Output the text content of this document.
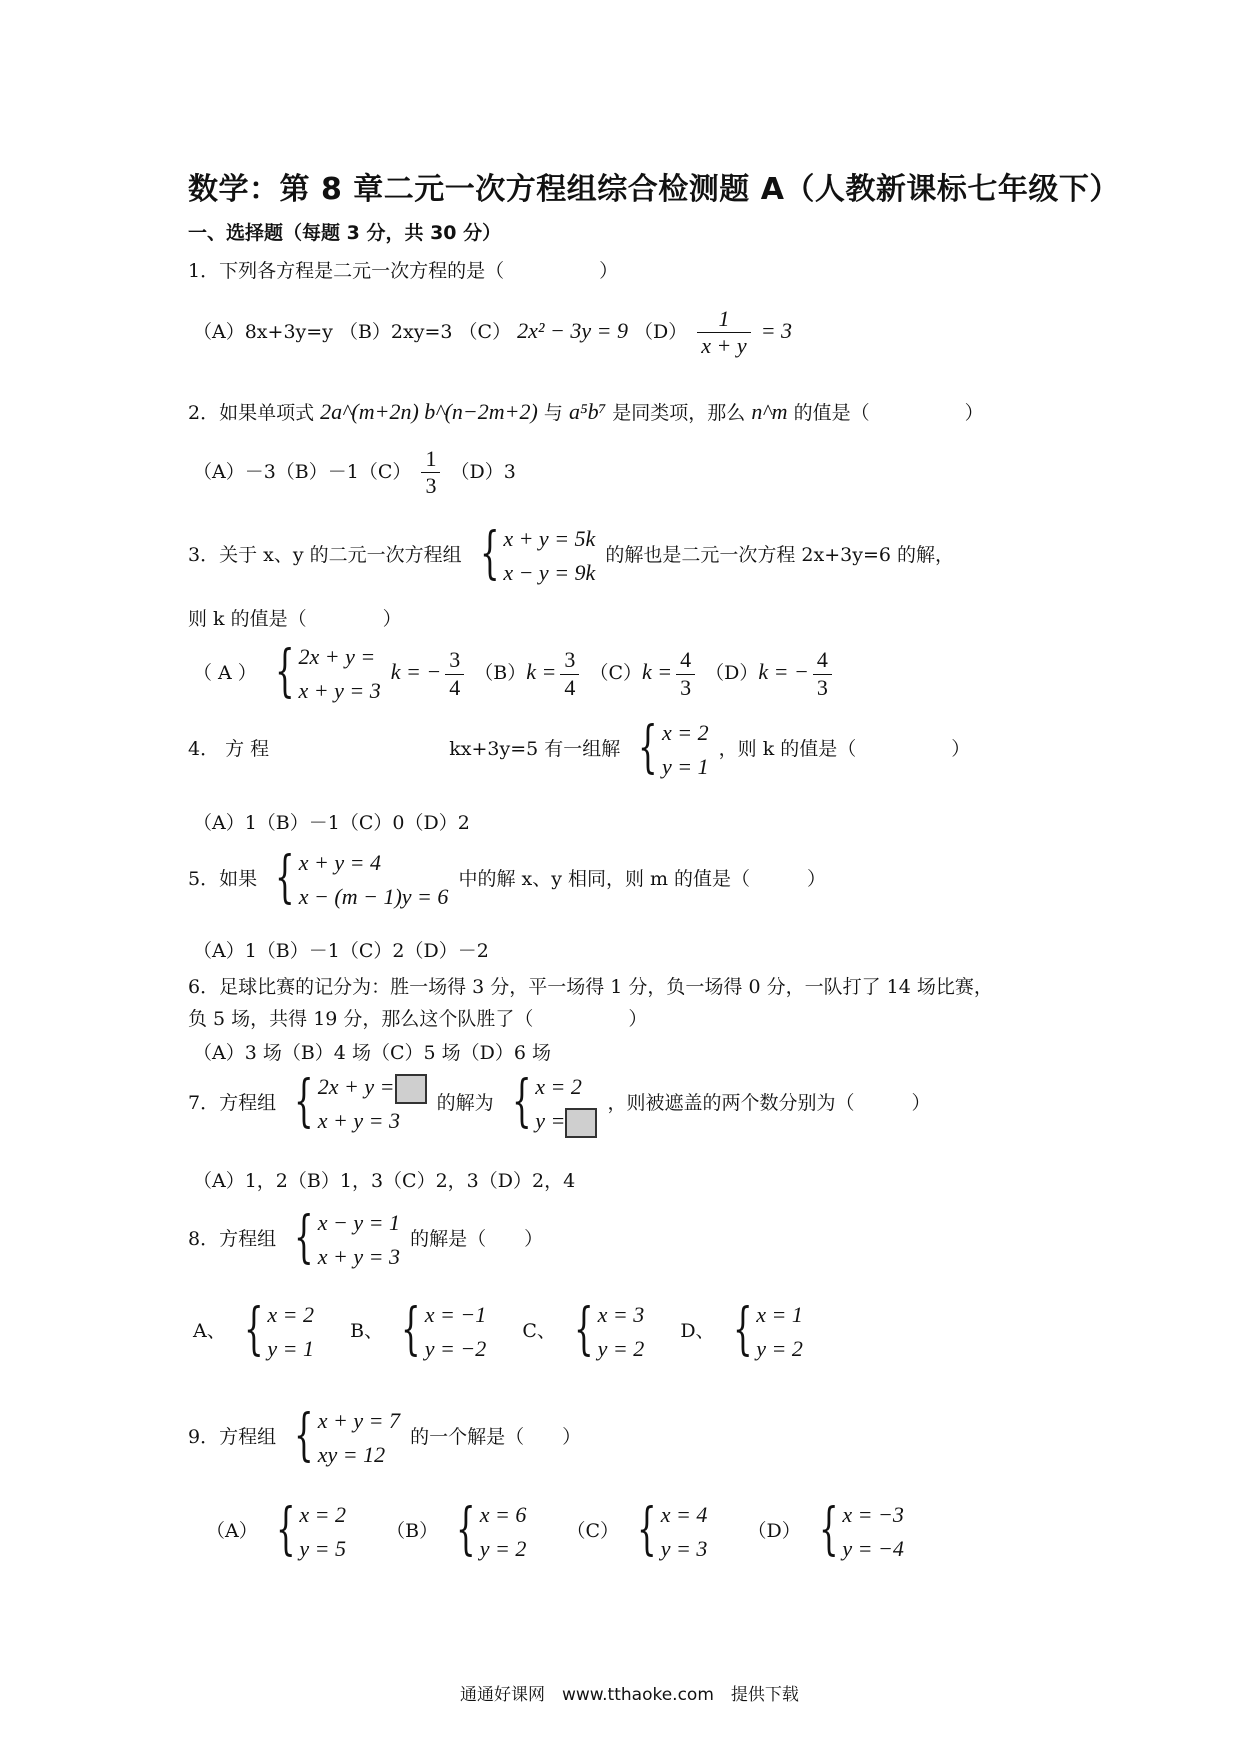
数学：第 8 章二元一次方程组综合检测题 A（人教新课标七年级下）
一、选择题（每题 3 分，共 30 分）
1．下列各方程是二元一次方程的是（　　　　　）
（A）8x+3y=y （B）2xy=3 （C） 2x² − 3y = 9 $(D) \frac{1}{x + y} = 3$
2．如果单项式 2a^(m+2n) b^(n−2m+2) 与 a⁵b⁷ 是同类项，那么 n^m 的值是（　　　　　）
$(A)-3(B)-1(C) \frac{1}{3} (D)3$
3．关于 x、y 的二元一次方程组 { x + y = 5k
x − y = 9k
的解也是二元一次方程 2x+3y=6 的解，
则 k 的值是（　　　　）
（ A ） { 2x + y =
x + y = 3
k = − $\frac{3}{4} (B)k = \frac{3}{4} (C)k = \frac{4}{3} (D)k$ = − $\frac{4}{3}$
4． 方 程	kx+3y=5 有一组解 { x = 2
y = 1
，则 k 的值是（　　　　　）
（A）1（B）－1（C）0（D）2
5．如果 { x + y = 4
x − (m − 1)y = 6
中的解 x、y 相同，则 m 的值是（　　　）
（A）1（B）－1（C）2（D）－2
6．足球比赛的记分为：胜一场得 3 分，平一场得 1 分，负一场得 0 分，一队打了 14 场比赛，
负 5 场，共得 19 分，那么这个队胜了（　　　　　）
（A）3 场（B）4 场（C）5 场（D）6 场
7．方程组 { 2x + y =
x + y = 3
的解为 { x = 2
y =
，则被遮盖的两个数分别为（　　　）
（A）1，2（B）1，3（C）2，3（D）2，4
8．方程组 { x − y = 1
x + y = 3
的解是（　　）
A、 { x = 2
y = 1
B、 { x = −1
y = −2
C、 { x = 3
y = 2
D、 { x = 1
y = 2
9．方程组 { x + y = 7
xy = 12
的一个解是（　　）
（A） { x = 2
y = 5
（B） { x = 6
y = 2
（C） { x = 4
y = 3
（D） { x = −3
y = −4
通通好课网　www.tthaoke.com　提供下载
